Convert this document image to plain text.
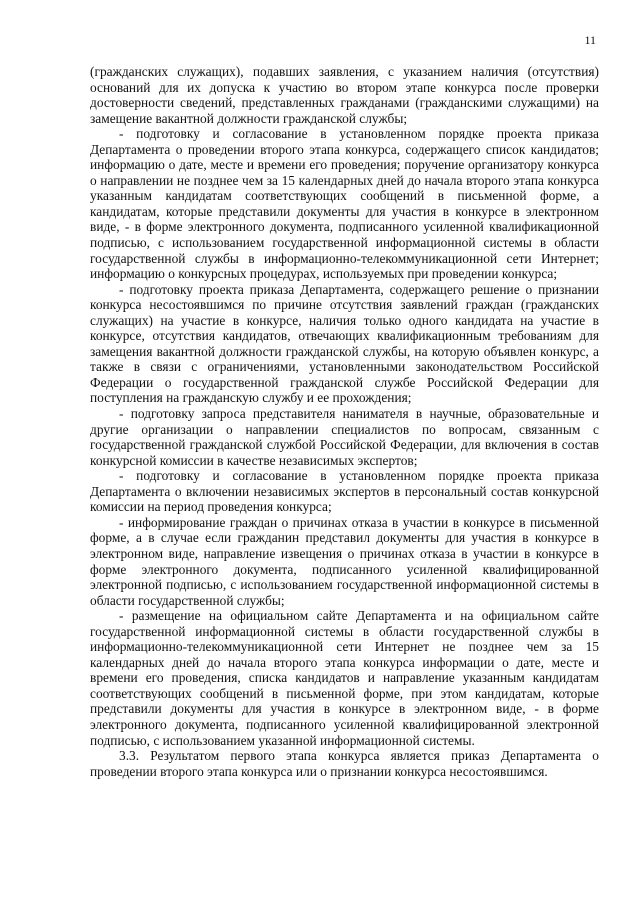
11

(гражданских служащих), подавших заявления, с указанием наличия (отсутствия) оснований для их допуска к участию во втором этапе конкурса после проверки достоверности сведений, представленных гражданами (гражданскими служащими) на замещение вакантной должности гражданской службы;

- подготовку и согласование в установленном порядке проекта приказа Департамента о проведении второго этапа конкурса, содержащего список кандидатов; информацию о дате, месте и времени его проведения; поручение организатору конкурса о направлении не позднее чем за 15 календарных дней до начала второго этапа конкурса указанным кандидатам соответствующих сообщений в письменной форме, а кандидатам, которые представили документы для участия в конкурсе в электронном виде, - в форме электронного документа, подписанного усиленной квалификационной подписью, с использованием государственной информационной системы в области государственной службы в информационно-телекоммуникационной сети Интернет; информацию о конкурсных процедурах, используемых при проведении конкурса;

- подготовку проекта приказа Департамента, содержащего решение о признании конкурса несостоявшимся по причине отсутствия заявлений граждан (гражданских служащих) на участие в конкурсе, наличия только одного кандидата на участие в конкурсе, отсутствия кандидатов, отвечающих квалификационным требованиям для замещения вакантной должности гражданской службы, на которую объявлен конкурс, а также в связи с ограничениями, установленными законодательством Российской Федерации о государственной гражданской службе Российской Федерации для поступления на гражданскую службу и ее прохождения;

- подготовку запроса представителя нанимателя в научные, образовательные и другие организации о направлении специалистов по вопросам, связанным с государственной гражданской службой Российской Федерации, для включения в состав конкурсной комиссии в качестве независимых экспертов;

- подготовку и согласование в установленном порядке проекта приказа Департамента о включении независимых экспертов в персональный состав конкурсной комиссии на период проведения конкурса;

- информирование граждан о причинах отказа в участии в конкурсе в письменной форме, а в случае если гражданин представил документы для участия в конкурсе в электронном виде, направление извещения о причинах отказа в участии в конкурсе в форме электронного документа, подписанного усиленной квалифицированной электронной подписью, с использованием государственной информационной системы в области государственной службы;

- размещение на официальном сайте Департамента и на официальном сайте государственной информационной системы в области государственной службы в информационно-телекоммуникационной сети Интернет не позднее чем за 15 календарных дней до начала второго этапа конкурса информации о дате, месте и времени его проведения, списка кандидатов и направление указанным кандидатам соответствующих сообщений в письменной форме, при этом кандидатам, которые представили документы для участия в конкурсе в электронном виде, - в форме электронного документа, подписанного усиленной квалифицированной электронной подписью, с использованием указанной информационной системы.

3.3. Результатом первого этапа конкурса является приказ Департамента о проведении второго этапа конкурса или о признании конкурса несостоявшимся.
